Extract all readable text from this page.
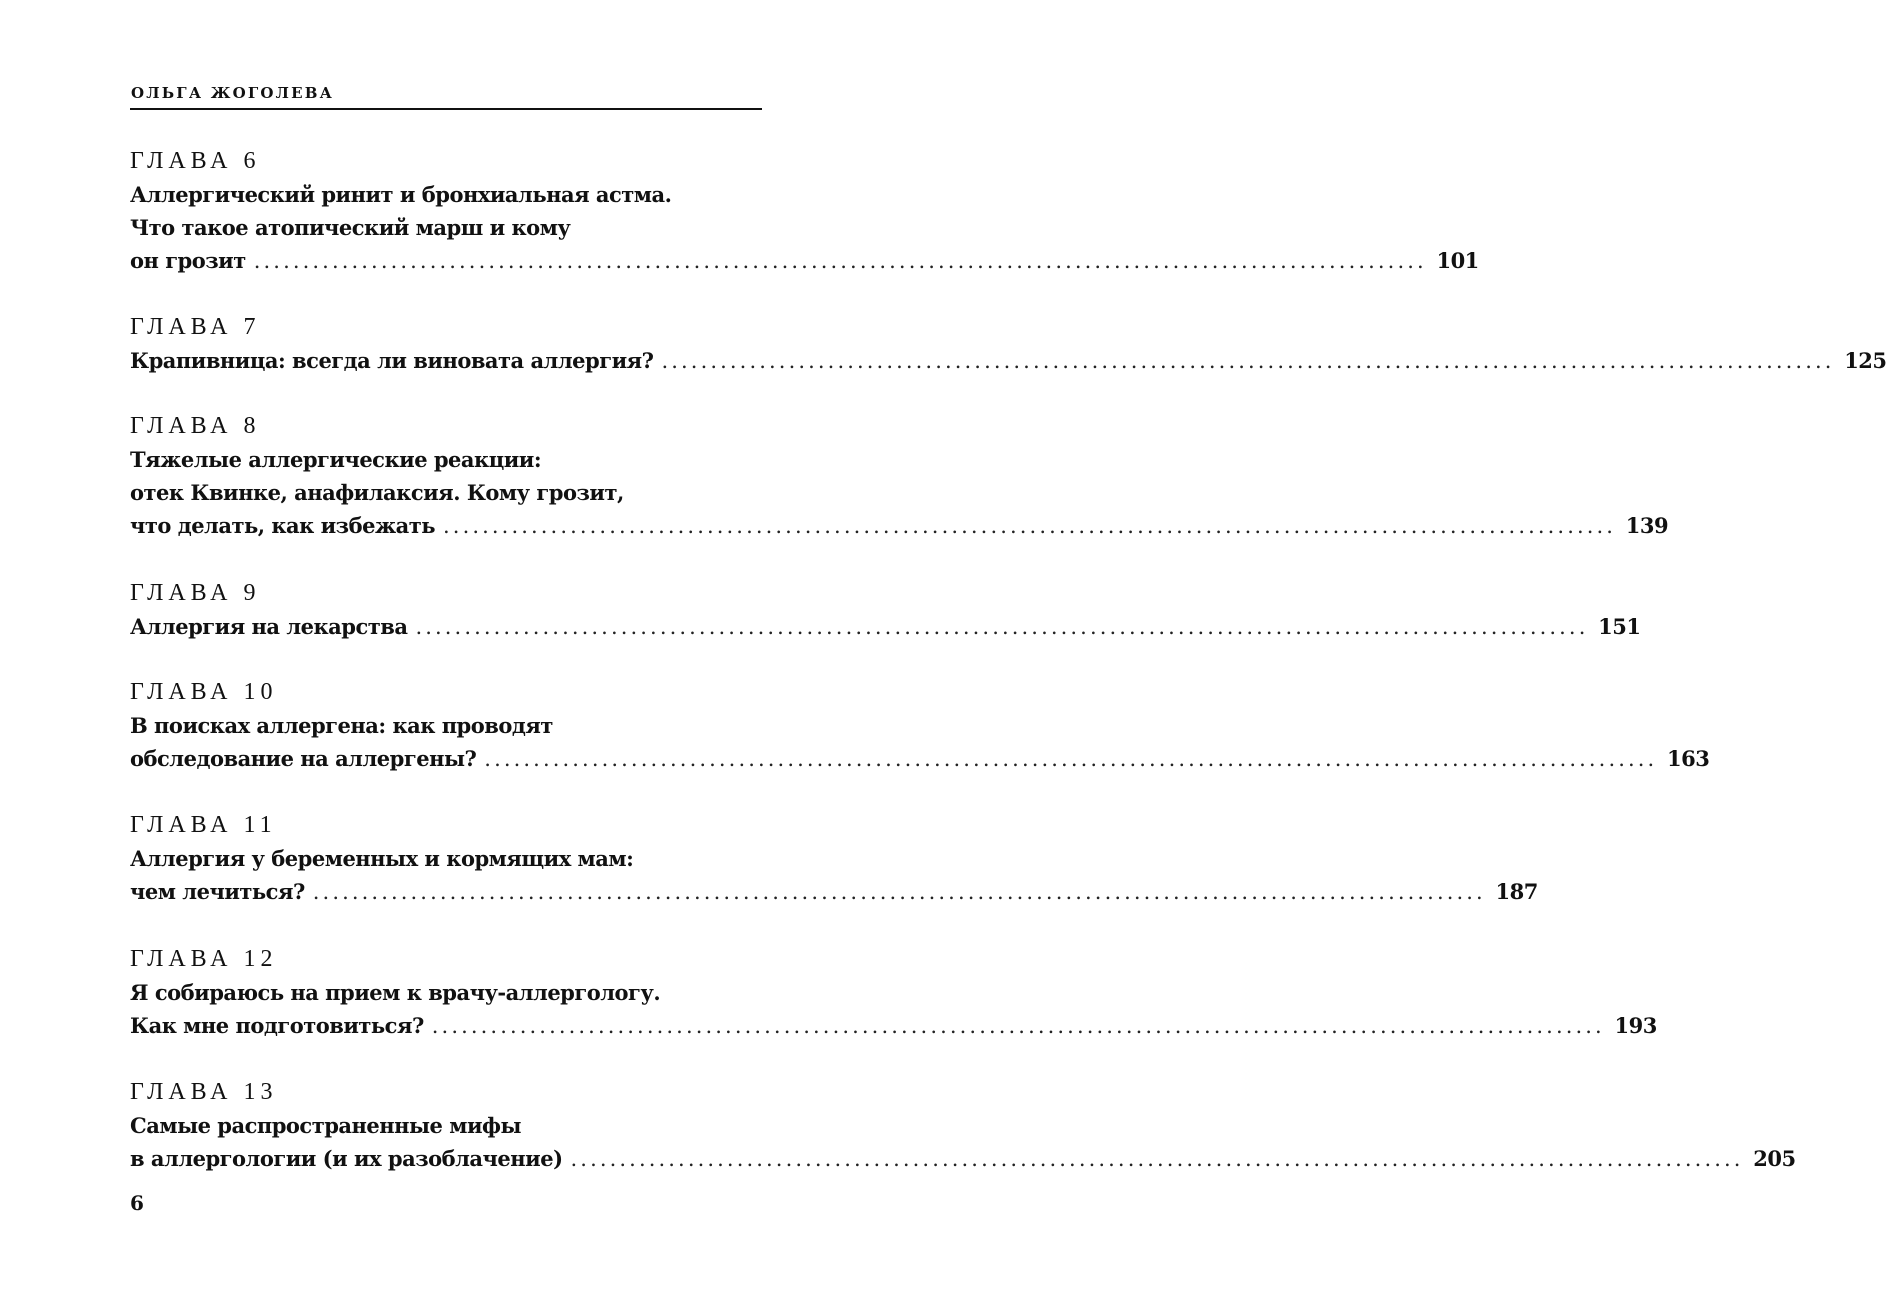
ОЛЬГА ЖОГОЛЕВА
ГЛАВА 6
Аллергический ринит и бронхиальная астма.
Что такое атопический марш и кому
он грозит ........................................................................................................................ 101
ГЛАВА 7
Крапивница: всегда ли виновата аллергия? ........................................................................................................................ 125
ГЛАВА 8
Тяжелые аллергические реакции:
отек Квинке, анафилаксия. Кому грозит,
что делать, как избежать ........................................................................................................................ 139
ГЛАВА 9
Аллергия на лекарства ........................................................................................................................ 151
ГЛАВА 10
В поисках аллергена: как проводят
обследование на аллергены? ........................................................................................................................ 163
ГЛАВА 11
Аллергия у беременных и кормящих мам:
чем лечиться? ........................................................................................................................ 187
ГЛАВА 12
Я собираюсь на прием к врачу-аллергологу.
Как мне подготовиться? ........................................................................................................................ 193
ГЛАВА 13
Самые распространенные мифы
в аллергологии (и их разоблачение) ........................................................................................................................ 205
6
